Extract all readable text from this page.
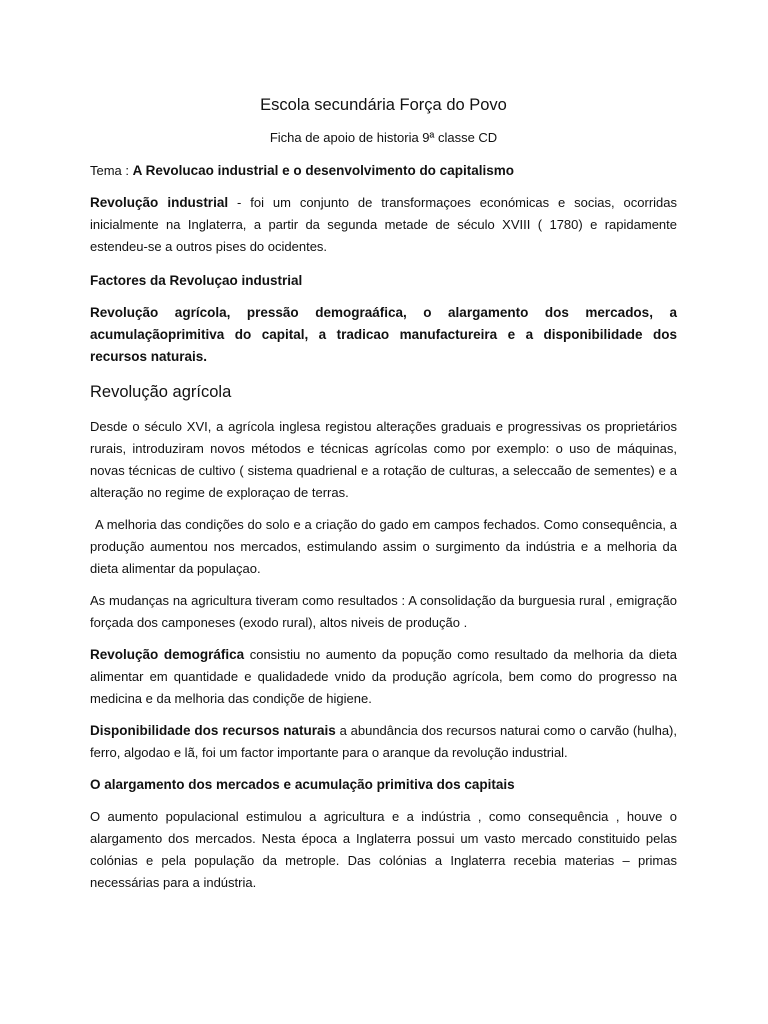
Escola secundária Força do Povo
Ficha de apoio de historia 9ª classe CD

Tema : A Revolucao industrial e o desenvolvimento do capitalismo

Revolução industrial - foi um conjunto de transformaçoes económicas e socias, ocorridas inicialmente na Inglaterra, a partir da segunda metade de século XVIII ( 1780) e rapidamente estendeu-se a outros pises do ocidentes.

Factores da Revoluçao industrial

Revolução agrícola, pressão demograáfica, o alargamento dos mercados, a acumulaçãoprimitiva do capital, a tradicao manufactureira e a disponibilidade dos recursos naturais.

Revolução agrícola

Desde o século XVI, a agrícola inglesa registou alterações graduais e progressivas os proprietários rurais, introduziram novos métodos e técnicas agrícolas como por exemplo: o uso de máquinas, novas técnicas de cultivo ( sistema quadrienal e a rotação de culturas, a seleccaão de sementes) e a alteração no regime de exploraçao de terras.

A melhoria das condições do solo e a criação do gado em campos fechados. Como consequência, a produção aumentou nos mercados, estimulando assim o surgimento da indústria e a melhoria da dieta alimentar da populaçao.

As mudanças na agricultura tiveram como resultados : A consolidação da burguesia rural , emigração forçada dos camponeses (exodo rural), altos niveis de produção .

Revolução demográfica consistiu no aumento da popução como resultado da melhoria da dieta alimentar em quantidade e qualidadede vnido da produção agrícola, bem como do progresso na medicina e da melhoria das condiçõe de higiene.

Disponibilidade dos recursos naturais a abundância dos recursos naturai como o carvão (hulha), ferro, algodao e lã, foi um factor importante para o aranque da revolução industrial.

O alargamento dos mercados e acumulação primitiva dos capitais

O aumento populacional estimulou a agricultura e a indústria , como consequência , houve o alargamento dos mercados. Nesta época a Inglaterra possui um vasto mercado constituido pelas colónias e pela população da metrople. Das colónias a Inglaterra recebia materias – primas necessárias para a indústria.
